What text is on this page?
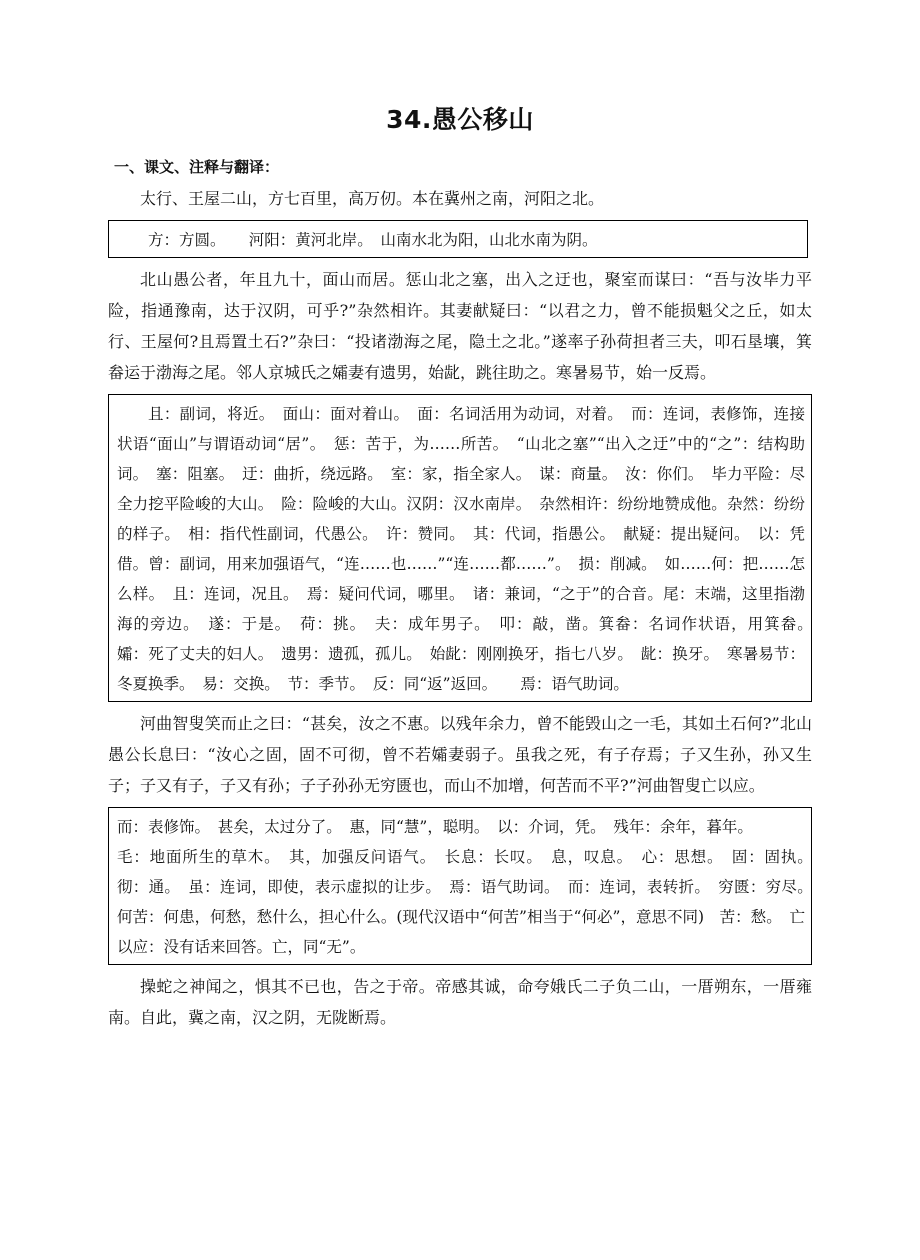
34.愚公移山
一、课文、注释与翻译：

太行、王屋二山，方七百里，高万仞。本在冀州之南，河阳之北。

方：方圆。　　河阳：黄河北岸。　山南水北为阳，山北水南为阴。

北山愚公者，年且九十，面山而居。惩山北之塞，出入之迂也，聚室而谋曰：“吾与汝毕力平险，指通豫南，达于汉阴，可乎?”杂然相许。其妻献疑曰：“以君之力，曾不能损魁父之丘，如太行、王屋何?且焉置土石?”杂曰：“投诸渤海之尾，隐土之北。”遂率子孙荷担者三夫，叩石垦壤，箕畚运于渤海之尾。邻人京城氏之孀妻有遗男，始龀，跳往助之。寒暑易节，始一反焉。

且：副词，将近。　面山：面对着山。　面：名词活用为动词，对着。　而：连词，表修饰，连接状语“面山”与谓语动词“居”。　惩：苦于，为……所苦。　“山北之塞”“出入之迂”中的“之”：结构助词。　塞：阻塞。　迂：曲折，绕远路。　室：家，指全家人。　谋：商量。　汝：你们。　毕力平险：尽全力挖平险峻的大山。　险：险峻的大山。汉阴：汉水南岸。　杂然相许：纷纷地赞成他。杂然：纷纷的样子。　相：指代性副词，代愚公。　许：赞同。　其：代词，指愚公。　献疑：提出疑问。　以：凭借。曾：副词，用来加强语气，“连……也……”“连……都……”。　损：削减。　如……何：把……怎么样。　且：连词，况且。　焉：疑问代词，哪里。　诸：兼词，“之于”的合音。尾：末端，这里指渤海的旁边。　遂：于是。　荷：挑。　夫：成年男子。　叩：敲，凿。箕畚：名词作状语，用箕畚。　孀：死了丈夫的妇人。　遗男：遗孤，孤儿。　始龀：刚刚换牙，指七八岁。　龀：换牙。　寒暑易节：冬夏换季。　易：交换。　节：季节。　反：同“返”返回。　　焉：语气助词。

河曲智叟笑而止之曰：“甚矣，汝之不惠。以残年余力，曾不能毁山之一毛，其如土石何?”北山愚公长息曰：“汝心之固，固不可彻，曾不若孀妻弱子。虽我之死，有子存焉；子又生孙，孙又生子；子又有子，子又有孙；子子孙孙无穷匮也，而山不加增，何苦而不平?”河曲智叟亡以应。

而：表修饰。　甚矣，太过分了。　惠，同“慧”，聪明。　以：介词，凭。　残年：余年，暮年。

毛：地面所生的草木。　其，加强反问语气。　长息：长叹。　息，叹息。　心：思想。　固：固执。　彻：通。　虽：连词，即使，表示虚拟的让步。　焉：语气助词。　而：连词，表转折。　穷匮：穷尽。　何苦：何患，何愁，愁什么，担心什么。(现代汉语中“何苦”相当于“何必”，意思不同)　苦：愁。　亡以应：没有话来回答。亡，同“无”。

操蛇之神闻之，惧其不已也，告之于帝。帝感其诚，命夸娥氏二子负二山，一厝朔东，一厝雍南。自此，冀之南，汉之阴，无陇断焉。
